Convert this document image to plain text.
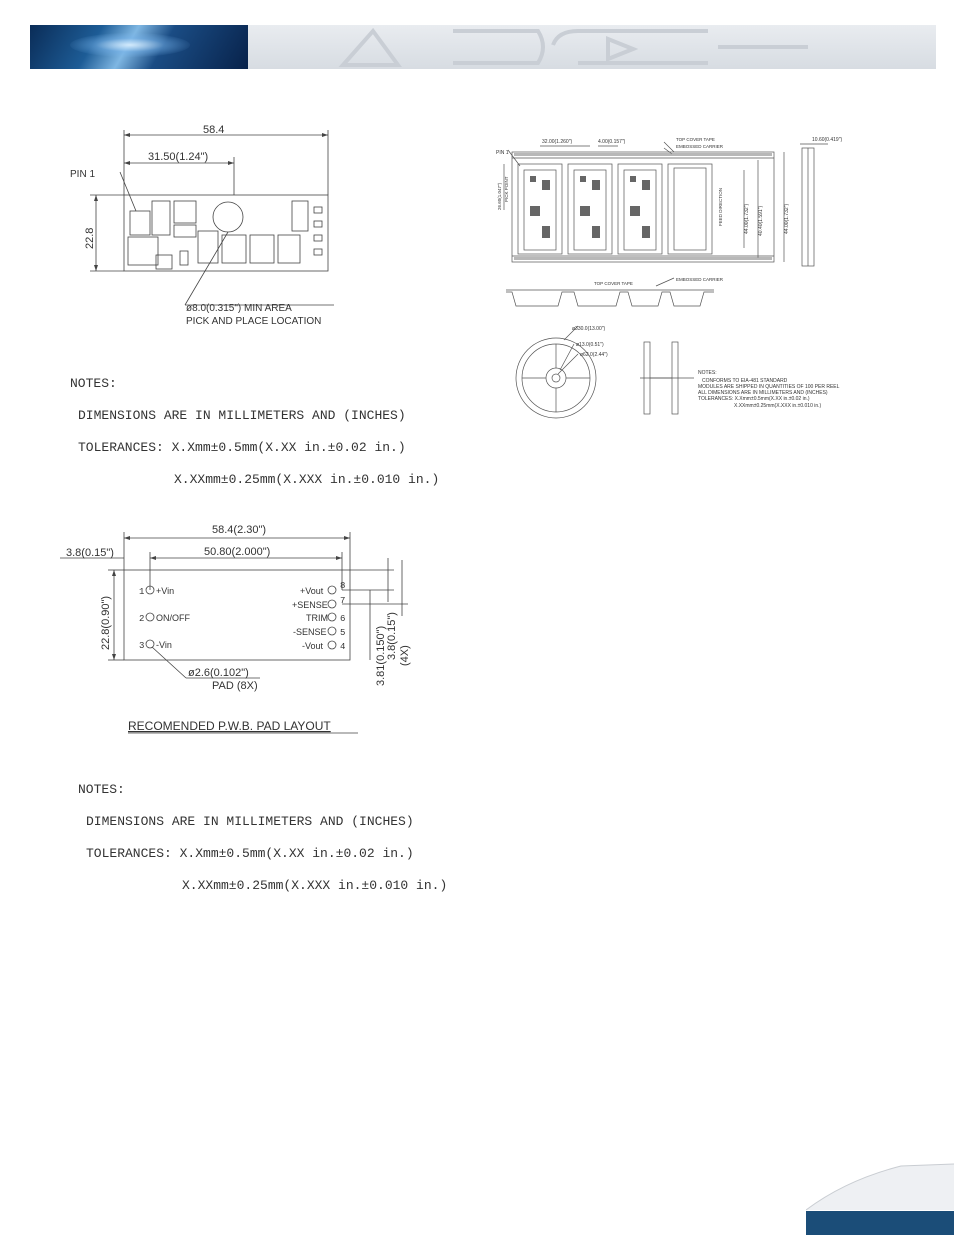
58.4
31.50(1.24")
PIN 1
22.8
ø8.0(0.315") MIN AREA
PICK AND PLACE LOCATION

NOTES:

DIMENSIONS ARE IN MILLIMETERS AND (INCHES)

TOLERANCES: X.Xmm±0.5mm(X.XX in.±0.02 in.)

X.XXmm±0.25mm(X.XXX in.±0.010 in.)

32.00(1.260")	4.00(0.157")	TOP COVER TAPE
EMBOSSED CARRIER
10.60(0.419")
PIN 1
26.60(1.047") PICK POINT	FEED DIRECTION	44.00(1.732") 40.40(1.591")	44.00(1.732")
TOP COVER TAPE
EMBOSSED CARRIER
ø330.0(13.00")
ø13.0(0.51")
ø62.0(2.44")
NOTES:
CONFORMS TO EIA-481 STANDARD
MODULES ARE SHIPPED IN QUANTITIES OF 100 PER REEL
ALL DIMENSIONS ARE IN MILLIMETERS AND (INCHES)
TOLERANCES: X.Xmm±0.5mm(X.XX in.±0.02 in.)
X.XXmm±0.25mm(X.XXX in.±0.010 in.)
58.4(2.30")
3.8(0.15")	50.80(2.000")
22.8(0.90")	3.8(0.15")
3.81(0.150") (4X)
ø2.6(0.102")
PAD (8X)
1 +Vin
2 ON/OFF
3 -Vin
+Vout 8
+SENSE 7
TRIM 6
-SENSE 5
-Vout 4
RECOMENDED P.W.B. PAD LAYOUT

NOTES:

DIMENSIONS ARE IN MILLIMETERS AND (INCHES)

TOLERANCES: X.Xmm±0.5mm(X.XX in.±0.02 in.)

X.XXmm±0.25mm(X.XXX in.±0.010 in.)
